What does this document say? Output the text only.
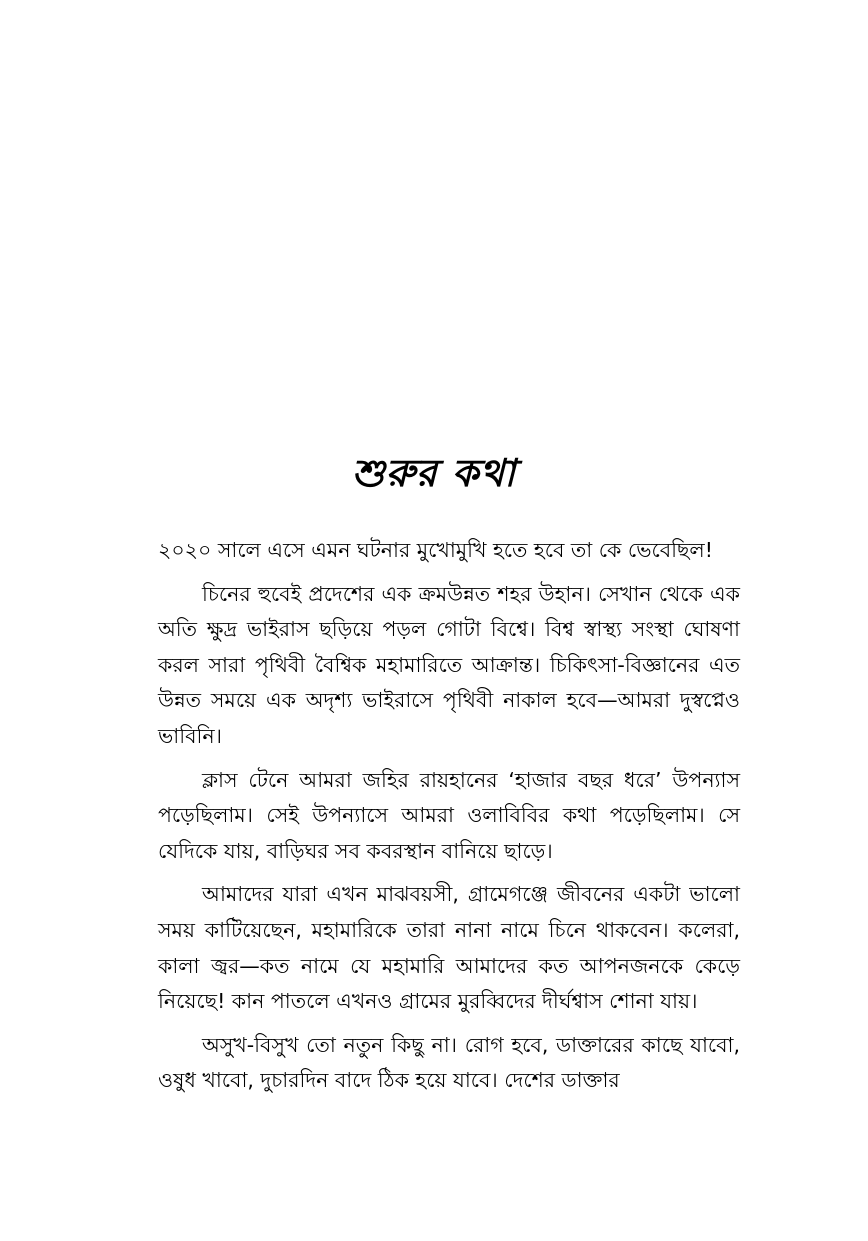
শুরুর কথা

২০২০ সালে এসে এমন ঘটনার মুখোমুখি হতে হবে তা কে ভেবেছিল!

চিনের হুবেই প্রদেশের এক ক্রমউন্নত শহর উহান। সেখান থেকে এক অতি ক্ষুদ্র ভাইরাস ছড়িয়ে পড়ল গোটা বিশ্বে। বিশ্ব স্বাস্থ্য সংস্থা ঘোষণা করল সারা পৃথিবী বৈশ্বিক মহামারিতে আক্রান্ত। চিকিৎসা-বিজ্ঞানের এত উন্নত সময়ে এক অদৃশ্য ভাইরাসে পৃথিবী নাকাল হবে—আমরা দুস্বপ্নেও ভাবিনি।

ক্লাস টেনে আমরা জহির রায়হানের ‘হাজার বছর ধরে’ উপন্যাস পড়েছিলাম। সেই উপন্যাসে আমরা ওলাবিবির কথা পড়েছিলাম। সে যেদিকে যায়, বাড়িঘর সব কবরস্থান বানিয়ে ছাড়ে।

আমাদের যারা এখন মাঝবয়সী, গ্রামেগঞ্জে জীবনের একটা ভালো সময় কাটিয়েছেন, মহামারিকে তারা নানা নামে চিনে থাকবেন। কলেরা, কালা জ্বর—কত নামে যে মহামারি আমাদের কত আপনজনকে কেড়ে নিয়েছে! কান পাতলে এখনও গ্রামের মুরব্বিদের দীর্ঘশ্বাস শোনা যায়।

অসুখ-বিসুখ তো নতুন কিছু না। রোগ হবে, ডাক্তারের কাছে যাবো, ওষুধ খাবো, দুচারদিন বাদে ঠিক হয়ে যাবে। দেশের ডাক্তার
